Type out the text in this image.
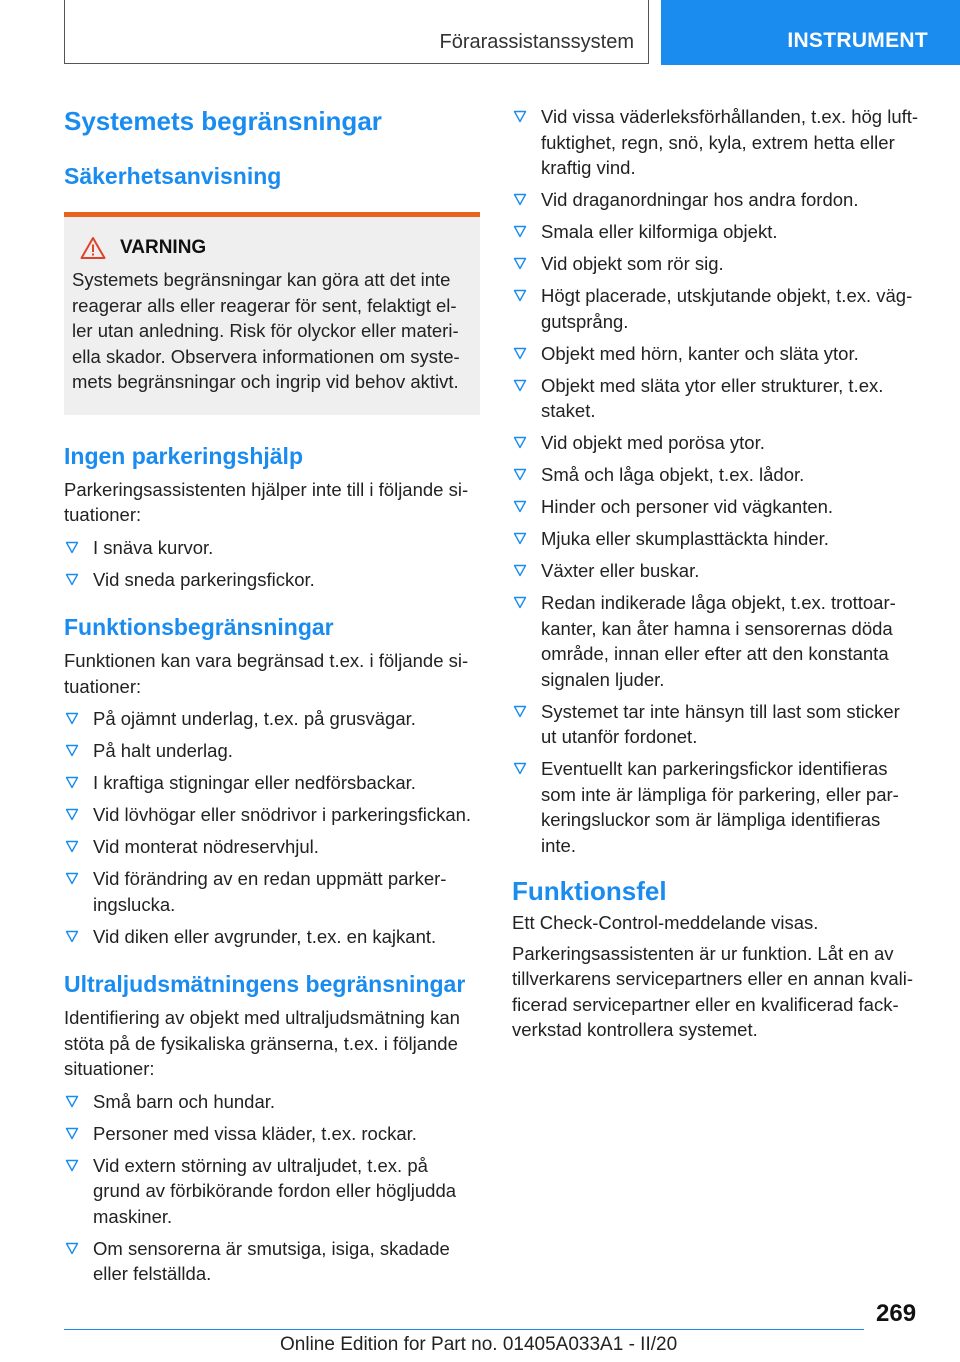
Förarassistanssystem	INSTRUMENT
Systemets begränsningar
Säkerhetsanvisning
VARNING
Systemets begränsningar kan göra att det inte
reagerar alls eller reagerar för sent, felaktigt el-
ler utan anledning. Risk för olyckor eller materi-
ella skador. Observera informationen om syste-
mets begränsningar och ingrip vid behov aktivt.
Ingen parkeringshjälp

Parkeringsassistenten hjälper inte till i följande si-
tuationer:

I snäva kurvor.
Vid sneda parkeringsfickor.
Funktionsbegränsningar

Funktionen kan vara begränsad t.ex. i följande si-
tuationer:

På ojämnt underlag, t.ex. på grusvägar.
På halt underlag.
I kraftiga stigningar eller nedförsbackar.
Vid lövhögar eller snödrivor i parkeringsfickan.
Vid monterat nödreservhjul.
Vid förändring av en redan uppmätt parker-
ingslucka.
Vid diken eller avgrunder, t.ex. en kajkant.
Ultraljudsmätningens begränsningar

Identifiering av objekt med ultraljudsmätning kan
stöta på de fysikaliska gränserna, t.ex. i följande
situationer:

Små barn och hundar.
Personer med vissa kläder, t.ex. rockar.
Vid extern störning av ultraljudet, t.ex. på
grund av förbikörande fordon eller högljudda
maskiner.
Om sensorerna är smutsiga, isiga, skadade
eller felställda.
Vid vissa väderleksförhållanden, t.ex. hög luft-
fuktighet, regn, snö, kyla, extrem hetta eller
kraftig vind.
Vid draganordningar hos andra fordon.
Smala eller kilformiga objekt.
Vid objekt som rör sig.
Högt placerade, utskjutande objekt, t.ex. väg-
gutsprång.
Objekt med hörn, kanter och släta ytor.
Objekt med släta ytor eller strukturer, t.ex.
staket.
Vid objekt med porösa ytor.
Små och låga objekt, t.ex. lådor.
Hinder och personer vid vägkanten.
Mjuka eller skumplasttäckta hinder.
Växter eller buskar.
Redan indikerade låga objekt, t.ex. trottoar-
kanter, kan åter hamna i sensorernas döda
område, innan eller efter att den konstanta
signalen ljuder.
Systemet tar inte hänsyn till last som sticker
ut utanför fordonet.
Eventuellt kan parkeringsfickor identifieras
som inte är lämpliga för parkering, eller par-
keringsluckor som är lämpliga identifieras
inte.
Funktionsfel

Ett Check-Control-meddelande visas.

Parkeringsassistenten är ur funktion. Låt en av
tillverkarens servicepartners eller en annan kvali-
ficerad servicepartner eller en kvalificerad fack-
verkstad kontrollera systemet.

269
Online Edition for Part no. 01405A033A1 - II/20
